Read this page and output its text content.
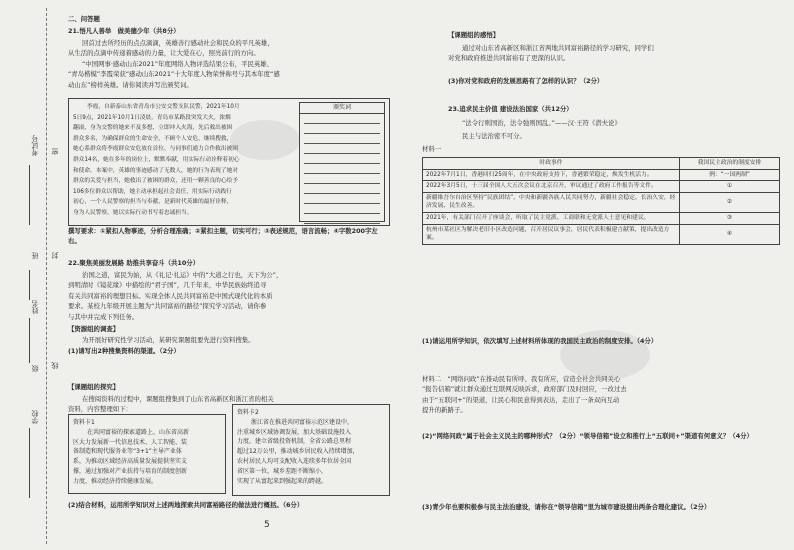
考试号
班
姓名
级
学校
密
封
线

二、问答题

21.悟凡人善举　做美德少年（共8分）

回首过去所经历的点点滴滴，英雄善行感动社会和民众的平凡英雄，

从生活的点滴中传递着感动的力量，让大爱在心，照亮前行的方向。

“中国网事·感动山东2021”年度网络人物评选结果公布，平民英雄、

“青岛楷模”李霞荣获“感动山东2021”十大年度人物荣誉称号与其本年度“感

动山东”榜样英雄。请你阅读并写出颁奖词。

李霞，自新泰山东省青岛市公安交警支队民警，2021年10月

5日9点，2021年10月1日凌晨，青岛市某路段突发大火，浓烟

翻滚，身为交警的她来不及多想，立即冲入火海，先后救出被困

群众多名，为确保群众的生命安全，不顾个人安危，继续搜救，

她心系群众将李霞群众安危放在首位，与同事们通力合作救出被困

群众14名，她在多年的岗位上，默默奉献，用实际行动诠释着初心

和使命。本案中，英雄的事迹感动了无数人，她的行为表现了她对

群众的关爱与担当，她救出了被困的群众，还用一颗善良的心给予

106多位群众以帮助，她主动承担起社会责任，用实际行动践行

初心，一个人民警察的担当与奉献，是新时代英雄的最好诠释，

身为人民警察，她以实际行动书写着忠诚担当。

颁奖词

撰写要求：①紧扣人物事迹，分析合理准确；②紧扣主题，切实可行；③表述规范，语言流畅；④字数200字左右。

22.聚焦美丽发展路 助推共享奋斗（共10分）

治国之道，富民为始，从《礼记·礼运》中的“大道之行也，天下为公”，

到明清时《镜花缘》中描绘的“君子国”，几千年来，中华民族始终追寻

有关共同富裕的理想目标。实现全体人民共同富裕是中国式现代化的本质

要求。某校九年级开展主题为“共同富裕的路径”探究学习活动，请你参

与其中并完成下列任务。

【资源组的调查】

为开展好研究性学习活动，某研究课题组要先进行资料搜集。

(1)请写出2种搜集资料的渠道。（2分）

【课题组的探究】

在搜阅资料的过程中，课题组搜集到了山东省高新区和浙江省的相关

资料，内容整理如下：

资料卡1

在共同富裕的探索道路上，山东省高新

区大力发展新一代信息技术、人工智能、装

备制造和现代服务业等“3+1”主导产业体

系，为推动区域经济高质量发展提供坚实支

撑，通过加强对产业扶持与培育的制度创新

力度，推动经济持续健康发展。

资料卡2

浙江省在推进共同富裕示范区建设中，

注重城乡区域协调发展，加大基础设施投入

力度，建立省级投资机制，全省公路总里程

超过12万公里，推动城乡居民收入持续增加，

农村居民人均可支配收入连续多年位居全国

省区第一位，城乡差距不断缩小，

实现了从富起来到强起来的跨越。

(2)结合材料，运用所学知识对上述两地探索共同富裕路径的做法进行概括。（6分）

5

【课题组的感悟】

通过对山东省高新区和浙江省两地共同富裕路径的学习研究，同学们

对党和政府推进共同富裕有了更深的认识。

(3)你对党和政府的发展思路有了怎样的认识？（2分）

23.追求民主价值 建设法治国家（共12分）

“法令行则国治，法令弛则国乱。”——汉·王符《潜夫论》

民主与法治密不可分。

材料一

时政事件	我国民主政治的制度安排
2022年7月1日，香港回归25周年，在中央政府支持下，香港繁荣稳定，焕发生机活力。	例：“一国两制”
2022年3月5日，十三届全国人大五次会议在北京召开，审议通过了政府工作报告等文件。	①
新疆维吾尔自治区坚持“民族团结”，中央和新疆各族人民共同努力，新疆社会稳定、长治久安，经济发展、民生改善。	②
2021年，有关部门召开了座谈会，听取了民主党派、工商联和无党派人士意见和建议。	③
杭州市某社区为解决老旧小区改造问题，召开居民议事会，居民代表积极建言献策，提出改造方案。	④

(1)请运用所学知识，依次填写上述材料所体现的我国民主政治的制度安排。（4分）

材料二　“网络问政”在推动民有所呼、我有所应，营造全社会共同关心

“报告信箱”就让群众通过互联网反映诉求，政府部门及时回应，一改过去

由于“五联同+”的渠道，让民心和民意得到表达，走出了一条双向互动

提升的新路子。

(2)“网络问政”属于社会主义民主的哪种形式？（2分）“领导信箱”设立和推行上“五联同+”渠道有何意义？（4分）

(3)青少年也要积极参与民主法治建设，请你在“领导信箱”里为城市建设提出两条合理化建议。（2分）
